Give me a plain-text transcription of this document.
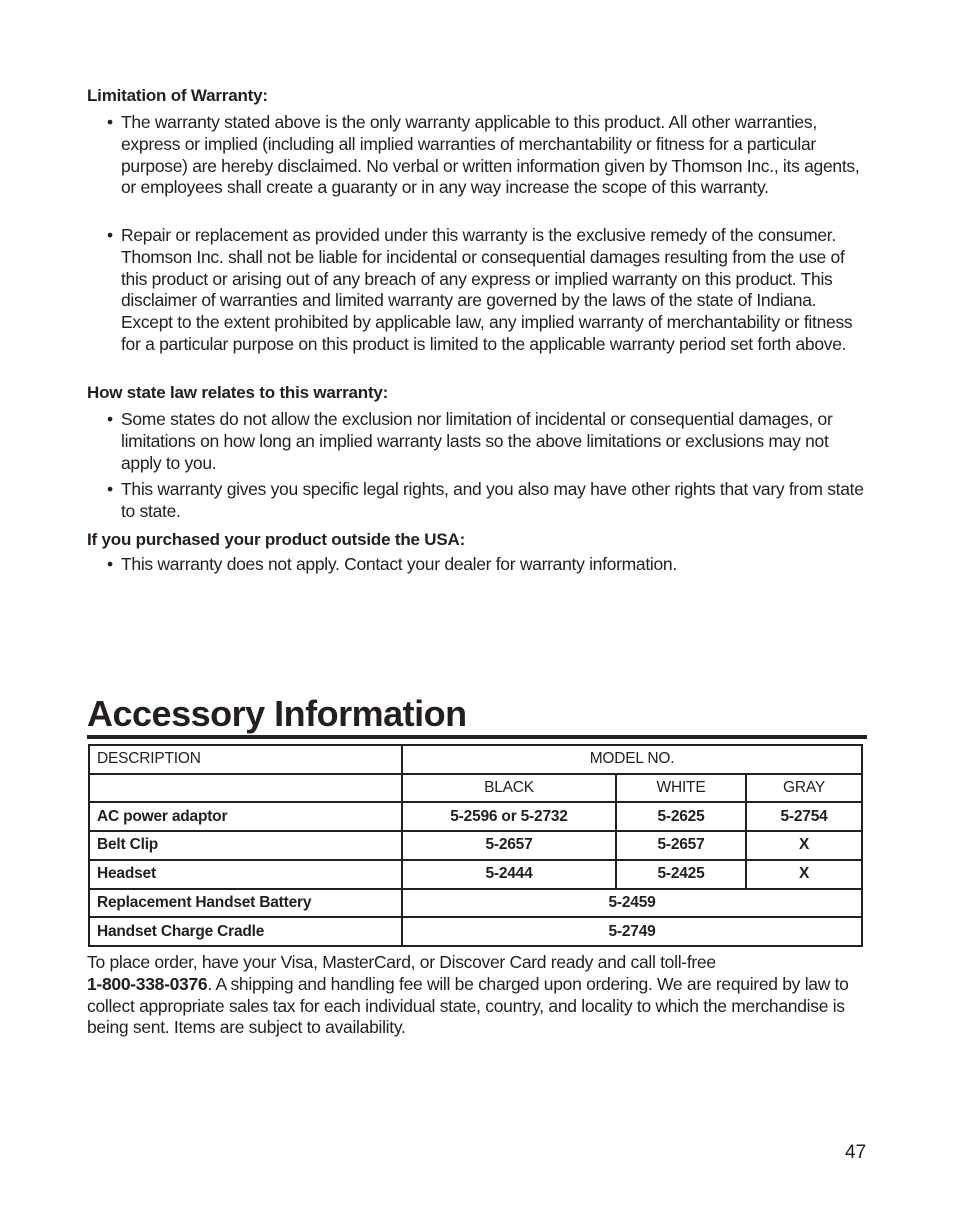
Limitation of Warranty:

• The warranty stated above is the only warranty applicable to this product. All other warranties, express or implied (including all implied warranties of merchantability or fitness for a particular purpose) are hereby disclaimed. No verbal or written information given by Thomson Inc., its agents, or employees shall create a guaranty or in any way increase the scope of this warranty.
• Repair or replacement as provided under this warranty is the exclusive remedy of the consumer. Thomson Inc. shall not be liable for incidental or consequential damages resulting from the use of this product or arising out of any breach of any express or implied warranty on this product. This disclaimer of warranties and limited warranty are governed by the laws of the state of Indiana. Except to the extent prohibited by applicable law, any implied warranty of merchantability or fitness for a particular purpose on this product is limited to the applicable warranty period set forth above.

How state law relates to this warranty:

• Some states do not allow the exclusion nor limitation of incidental or consequential damages, or limitations on how long an implied warranty lasts so the above limitations or exclusions may not apply to you.
• This warranty gives you specific legal rights, and you also may have other rights that vary from state to state.

If you purchased your product outside the USA:

• This warranty does not apply. Contact your dealer for warranty information.
Accessory Information
DESCRIPTION	MODEL NO.		
	BLACK	WHITE	GRAY
AC power adaptor	5-2596 or 5-2732	5-2625	5-2754
Belt Clip	5-2657	5-2657	X
Headset	5-2444	5-2425	X
Replacement Handset Battery	5-2459		
Handset Charge Cradle	5-2749		

To place order, have your Visa, MasterCard, or Discover Card ready and call toll-free
1-800-338-0376. A shipping and handling fee will be charged upon ordering. We are required by law to collect appropriate sales tax for each individual state, country, and locality to which the merchandise is being sent. Items are subject to availability.

47
